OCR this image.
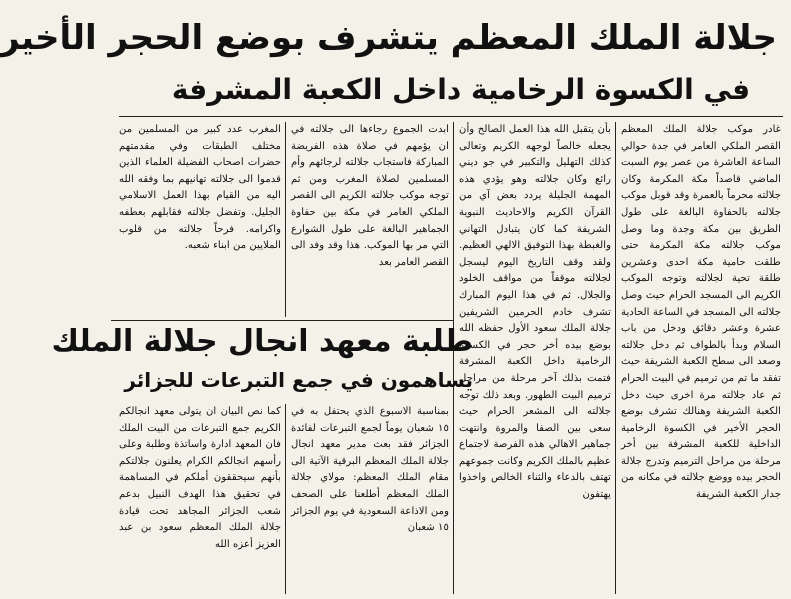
جلالة الملك المعظم يتشرف بوضع الحجر الأخير
في الكسوة الرخامية داخل الكعبة المشرفة

غادر موكب جلالة الملك المعظم القصر الملكي العامر في جدة حوالي الساعة العاشرة من عصر يوم السبت الماضي قاصداً مكة المكرمة وكان جلالته محرماً بالعمرة وقد قوبل موكب جلالته بالحفاوة البالغة على طول الطريق بين مكة وجدة وما وصل موكب جلالته مكة المكرمة حتى طلقت حامية مكة احدى وعشرين طلقة تحية لجلالته وتوجه الموكب الكريم الى المسجد الحرام حيث وصل جلالته الى المسجد في الساعة الحادية عشرة وعشر دقائق ودخل من باب السلام وبدأ بالطواف ثم دخل جلالته وصعد الى سطح الكعبة الشريفة حيث تفقد ما تم من ترميم في البيت الحرام ثم عاد جلالته مرة اخرى حيث دخل الكعبة الشريفة وهنالك تشرف بوضع الحجر الأخير في الكسوة الرخامية الداخلية للكعبة المشرفة بين أخر مرحلة من مراحل الترميم وتدرج جلالة الحجر بيده ووضع جلالته في مكانه من جدار الكعبة الشريفة

بأن يتقبل الله هذا العمل الصالح وأن يجعله خالصاً لوجهه الكريم وتعالى كذلك التهليل والتكبير في جو ديني رائع وكان جلالته وهو يؤدي هذه المهمة الجليلة يردد بعض آي من القرآن الكريم والاحاديث النبوية الشريفة كما كان يتبادل التهاني والغبطة بهذا التوفيق الالهي العظيم. ولقد وقف التاريخ اليوم ليسجل لجلالته موقفاً من مواقف الخلود والجلال. ثم في هذا اليوم المبارك تشرف خادم الحرمين الشريفين جلالة الملك سعود الأول حفظه الله بوضع بيده أخر حجر في الكسوة الرخامية داخل الكعبة المشرفة فتمت بذلك آخر مرحلة من مراحل ترميم البيت الطهور. وبعد ذلك توجه جلالته الى المشعر الحرام حيث سعى بين الصفا والمروة وانتهت جماهير الاهالي هذه الفرصة لاجتماع عظيم بالملك الكريم وكانت جموعهم تهتف بالدعاء والثناء الخالص واخذوا يهتفون

ابدت الجموع رجاءها الى جلالته في ان يؤمهم في صلاة هذه الفريضة المباركة فاستجاب جلالته لرجائهم وأم المسلمين لصلاة المغرب ومن ثم توجه موكب جلالته الكريم الى القصر الملكي العامر في مكة بين حفاوة الجماهير البالغة على طول الشوارع التي مر بها الموكب. هذا وقد وفد الى القصر العامر بعد

المغرب عدد كبير من المسلمين من مختلف الطبقات وفي مقدمتهم حضرات اصحاب الفضيلة العلماء الذين قدموا الى جلالته تهانيهم بما وفقه الله اليه من القيام بهذا العمل الاسلامي الجليل. وتفضل جلالته فقابلهم بعطفه واكرامه. فرحاً جلالته من قلوب الملايين من ابناء شعبه.

طلبة معهد انجال جلالة الملك
يساهمون في جمع التبرعات للجزائر

بمناسبة الاسبوع الذي يحتفل به في ١٥ شعبان يوماً لجمع التبرعات لفائدة الجزائر فقد بعث مدير معهد انجال جلالة الملك المعظم البرقية الآتية الى مقام الملك المعظم: مولاي جلالة الملك المعظم أطلعنا على الصحف ومن الاذاعة السعودية في يوم الجزائر ١٥ شعبان

كما نص البيان ان يتولى معهد انجالكم الكريم جمع التبرعات من البيت الملك فان المعهد ادارة واساتذة وطلبة وعلى رأسهم انجالكم الكرام يعلنون جلالتكم بأنهم سيحققون أملكم في المساهمة في تحقيق هذا الهدف النبيل بدعم شعب الجزائر المجاهد تحت قيادة جلالة الملك المعظم سعود بن عبد العزيز أعزه الله
